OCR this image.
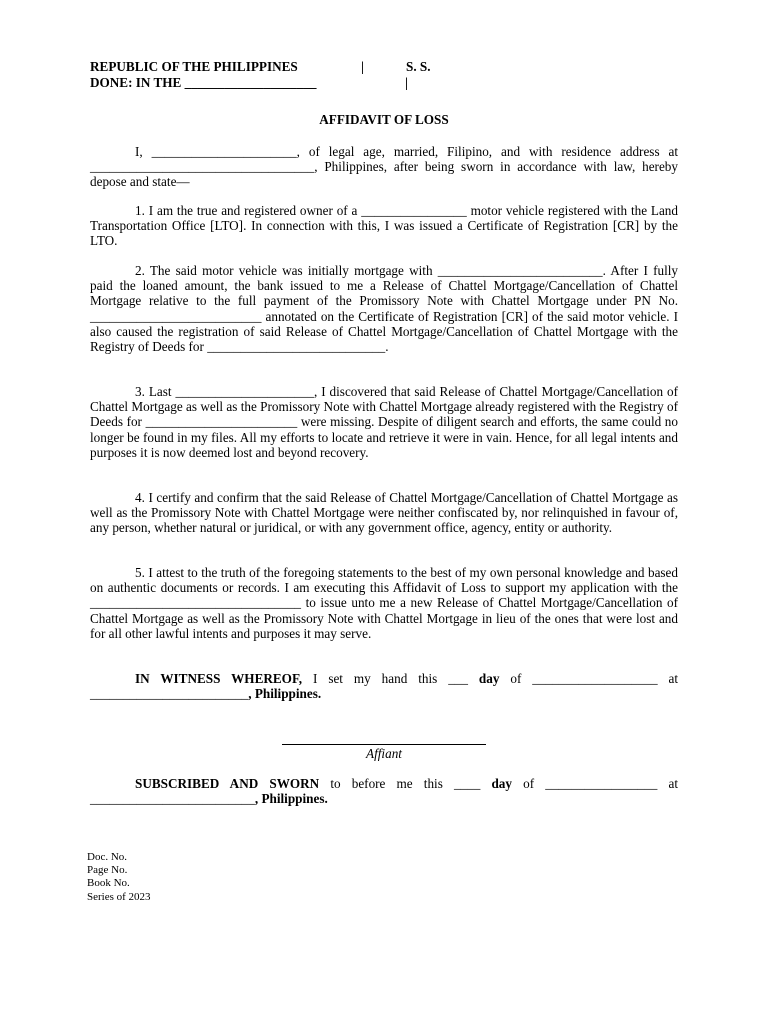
REPUBLIC OF THE PHILIPPINES	|	S. S.
DONE: IN THE ____________________	|
AFFIDAVIT OF LOSS
I, ______________________, of legal age, married, Filipino, and with residence address at __________________________________, Philippines, after being sworn in accordance with law, hereby depose and state—
1. I am the true and registered owner of a ________________ motor vehicle registered with the Land Transportation Office [LTO]. In connection with this, I was issued a Certificate of Registration [CR] by the LTO.
2. The said motor vehicle was initially mortgage with _________________________. After I fully paid the loaned amount, the bank issued to me a Release of Chattel Mortgage/Cancellation of Chattel Mortgage relative to the full payment of the Promissory Note with Chattel Mortgage under PN No. __________________________ annotated on the Certificate of Registration [CR] of the said motor vehicle. I also caused the registration of said Release of Chattel Mortgage/Cancellation of Chattel Mortgage with the Registry of Deeds for ___________________________.
3. Last _____________________, I discovered that said Release of Chattel Mortgage/Cancellation of Chattel Mortgage as well as the Promissory Note with Chattel Mortgage already registered with the Registry of Deeds for _______________________ were missing. Despite of diligent search and efforts, the same could no longer be found in my files. All my efforts to locate and retrieve it were in vain. Hence, for all legal intents and purposes it is now deemed lost and beyond recovery.
4. I certify and confirm that the said Release of Chattel Mortgage/Cancellation of Chattel Mortgage as well as the Promissory Note with Chattel Mortgage were neither confiscated by, nor relinquished in favour of, any person, whether natural or juridical, or with any government office, agency, entity or authority.
5. I attest to the truth of the foregoing statements to the best of my own personal knowledge and based on authentic documents or records. I am executing this Affidavit of Loss to support my application with the ________________________________ to issue unto me a new Release of Chattel Mortgage/Cancellation of Chattel Mortgage as well as the Promissory Note with Chattel Mortgage in lieu of the ones that were lost and for all other lawful intents and purposes it may serve.
IN WITNESS WHEREOF, I set my hand this ___ day of ___________________ at ________________________, Philippines.
Affiant
SUBSCRIBED AND SWORN to before me this ____ day of _________________ at _________________________, Philippines.
Doc. No.
Page No.
Book No.
Series of 2023
